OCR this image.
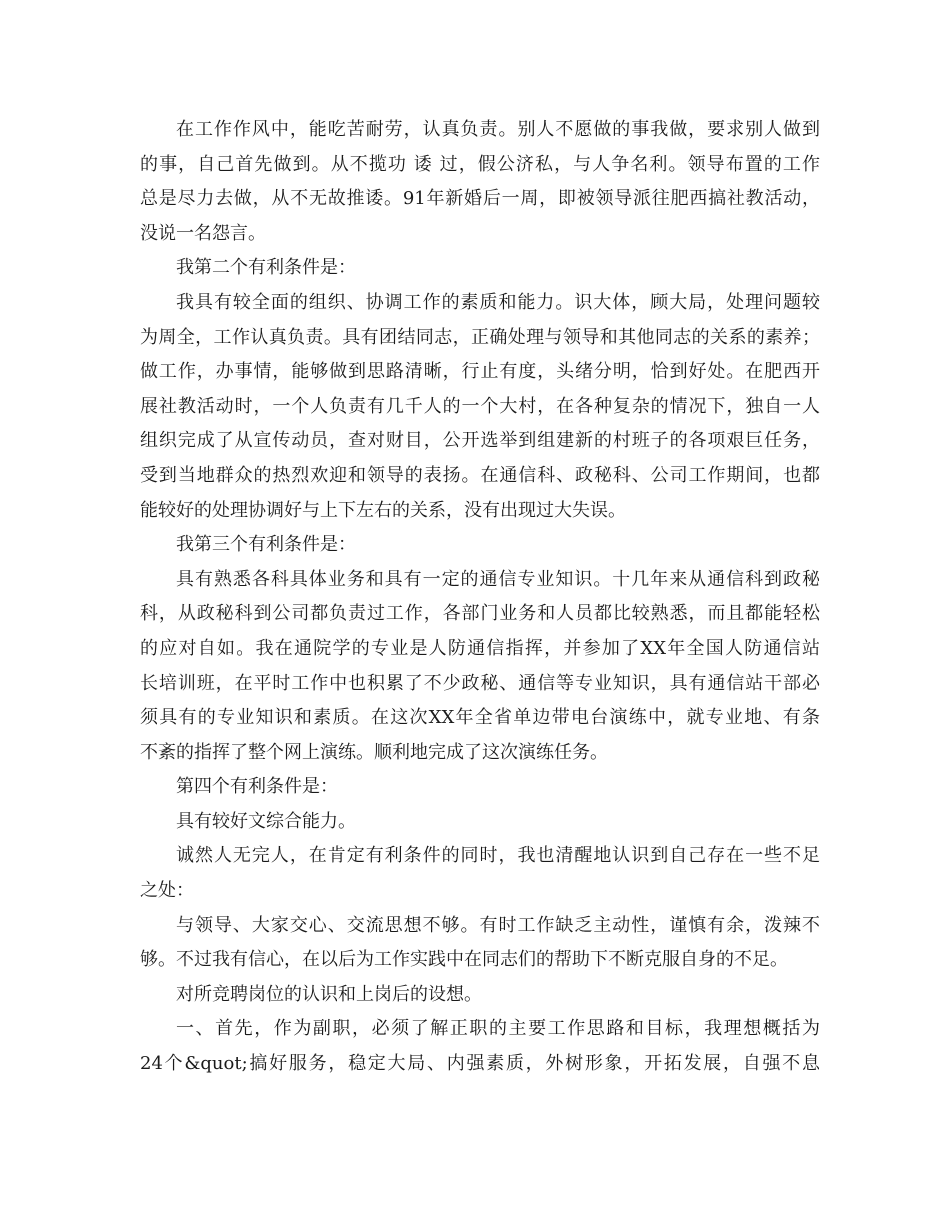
在工作作风中，能吃苦耐劳，认真负责。别人不愿做的事我做，要求别人做到

的事，自己首先做到。从不揽功 诿 过，假公济私，与人争名利。领导布置的工作

总是尽力去做，从不无故推诿。91年新婚后一周，即被领导派往肥西搞社教活动，

没说一名怨言。

我第二个有利条件是：

我具有较全面的组织、协调工作的素质和能力。识大体，顾大局，处理问题较

为周全，工作认真负责。具有团结同志，正确处理与领导和其他同志的关系的素养；

做工作，办事情，能够做到思路清晰，行止有度，头绪分明，恰到好处。在肥西开

展社教活动时，一个人负责有几千人的一个大村，在各种复杂的情况下，独自一人

组织完成了从宣传动员，查对财目，公开选举到组建新的村班子的各项艰巨任务，

受到当地群众的热烈欢迎和领导的表扬。在通信科、政秘科、公司工作期间，也都

能较好的处理协调好与上下左右的关系，没有出现过大失误。

我第三个有利条件是：

具有熟悉各科具体业务和具有一定的通信专业知识。十几年来从通信科到政秘

科，从政秘科到公司都负责过工作，各部门业务和人员都比较熟悉，而且都能轻松

的应对自如。我在通院学的专业是人防通信指挥，并参加了XX年全国人防通信站

长培训班，在平时工作中也积累了不少政秘、通信等专业知识，具有通信站干部必

须具有的专业知识和素质。在这次XX年全省单边带电台演练中，就专业地、有条

不紊的指挥了整个网上演练。顺利地完成了这次演练任务。

第四个有利条件是：

具有较好文综合能力。

诚然人无完人，在肯定有利条件的同时，我也清醒地认识到自己存在一些不足

之处：

与领导、大家交心、交流思想不够。有时工作缺乏主动性，谨慎有余，泼辣不

够。不过我有信心，在以后为工作实践中在同志们的帮助下不断克服自身的不足。

对所竞聘岗位的认识和上岗后的设想。

一、首先，作为副职，必须了解正职的主要工作思路和目标，我理想概括为

24个&quot;搞好服务，稳定大局、内强素质，外树形象，开拓发展，自强不息
